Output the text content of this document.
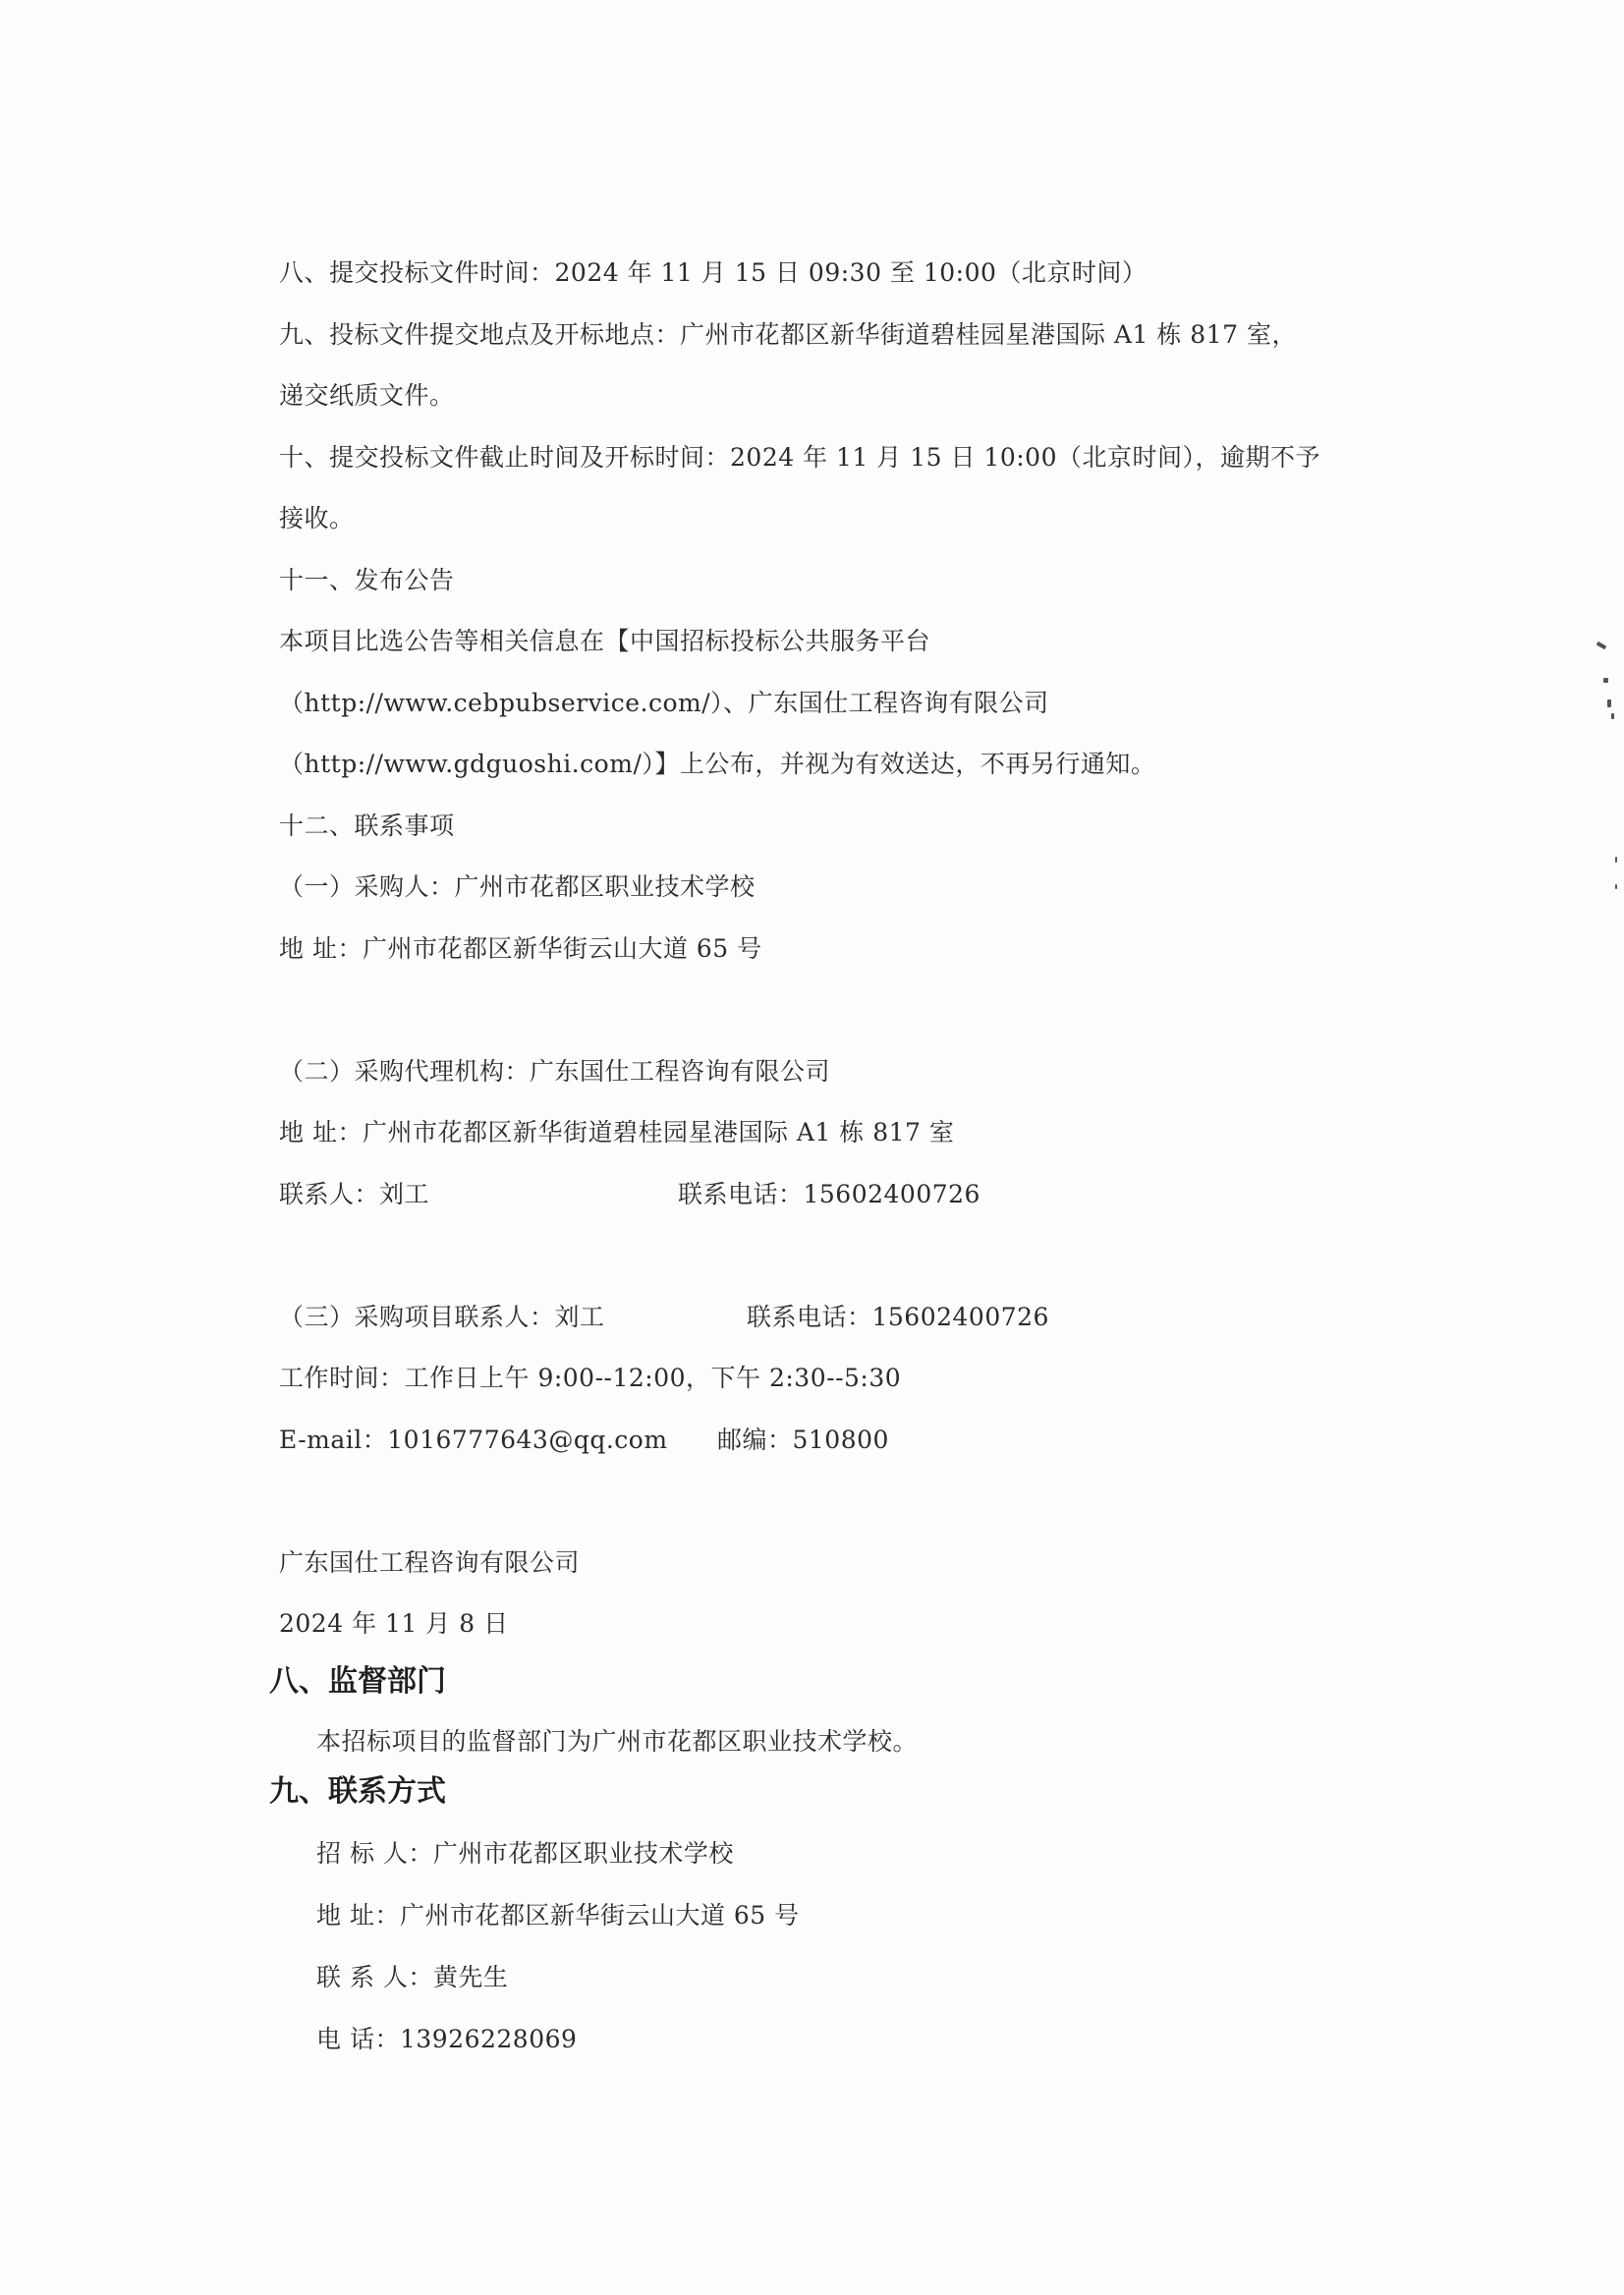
八、提交投标文件时间：2024 年 11 月 15 日 09:30 至 10:00（北京时间）
九、投标文件提交地点及开标地点：广州市花都区新华街道碧桂园星港国际 A1 栋 817 室，
递交纸质文件。
十、提交投标文件截止时间及开标时间：2024 年 11 月 15 日 10:00（北京时间），逾期不予
接收。
十一、发布公告
本项目比选公告等相关信息在【中国招标投标公共服务平台
（http://www.cebpubservice.com/）、广东国仕工程咨询有限公司
（http://www.gdguoshi.com/）】上公布，并视为有效送达，不再另行通知。
十二、联系事项
（一）采购人：广州市花都区职业技术学校
地 址：广州市花都区新华街云山大道 65 号
（二）采购代理机构：广东国仕工程咨询有限公司
地 址：广州市花都区新华街道碧桂园星港国际 A1 栋 817 室
联系人：刘工	联系电话：15602400726
（三）采购项目联系人：刘工	联系电话：15602400726
工作时间：工作日上午 9:00--12:00，下午 2:30--5:30
E-mail：1016777643@qq.com 邮编：510800
广东国仕工程咨询有限公司
2024 年 11 月 8 日
八、监督部门
本招标项目的监督部门为广州市花都区职业技术学校。
九、联系方式
招 标 人：广州市花都区职业技术学校
地 址：广州市花都区新华街云山大道 65 号
联 系 人：黄先生
电 话：13926228069
